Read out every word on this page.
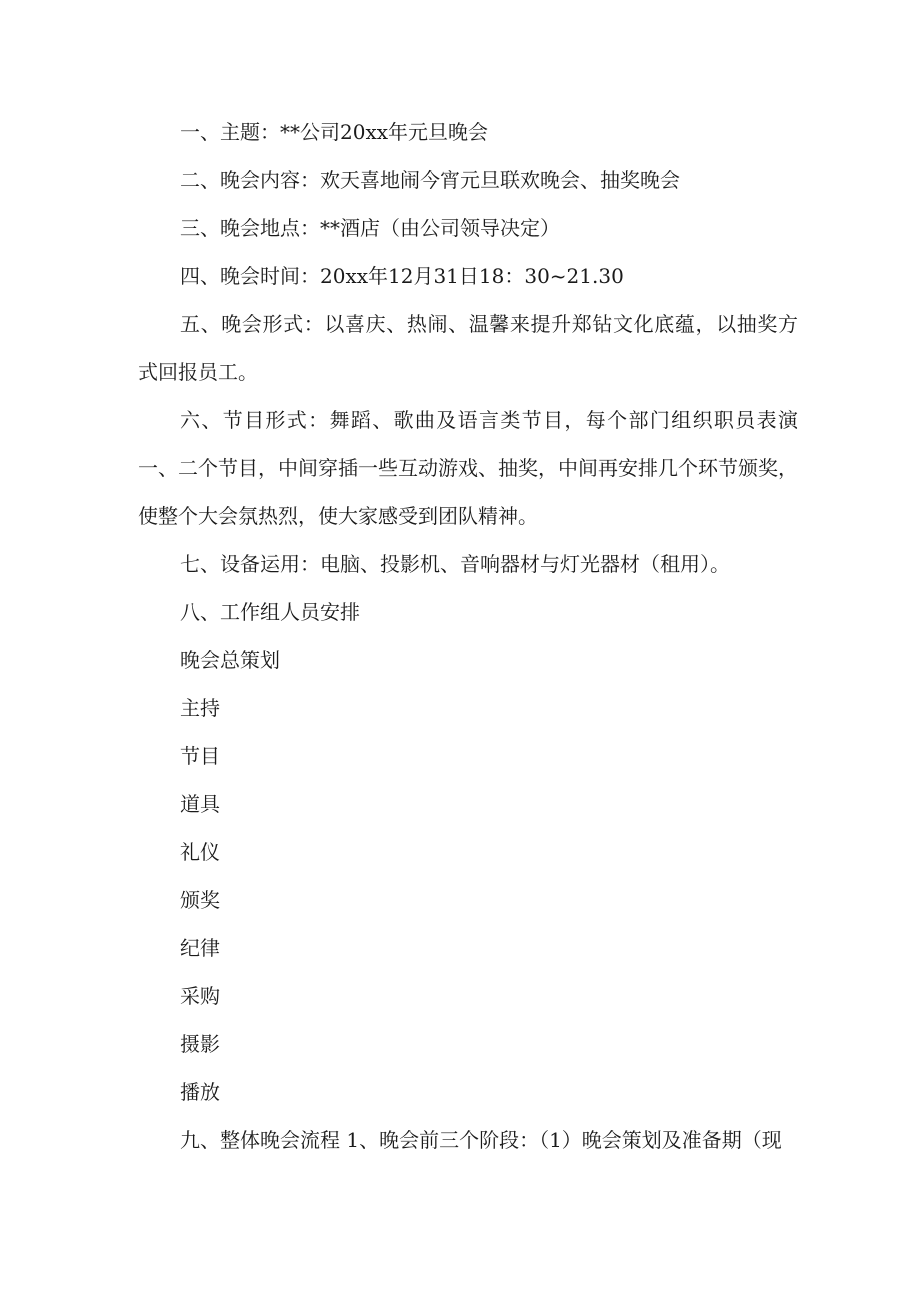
一、主题：**公司20xx年元旦晚会

二、晚会内容：欢天喜地闹今宵元旦联欢晚会、抽奖晚会

三、晚会地点：**酒店（由公司领导决定）

四、晚会时间：20xx年12月31日18：30~21.30

五、晚会形式：以喜庆、热闹、温馨来提升郑钻文化底蕴，以抽奖方式回报员工。

六、节目形式：舞蹈、歌曲及语言类节目，每个部门组织职员表演一、二个节目，中间穿插一些互动游戏、抽奖，中间再安排几个环节颁奖，使整个大会氛热烈，使大家感受到团队精神。

七、设备运用：电脑、投影机、音响器材与灯光器材（租用）。

八、工作组人员安排

晚会总策划

主持

节目

道具

礼仪

颁奖

纪律

采购

摄影

播放

九、整体晚会流程 1、晚会前三个阶段：（1）晚会策划及准备期（现
